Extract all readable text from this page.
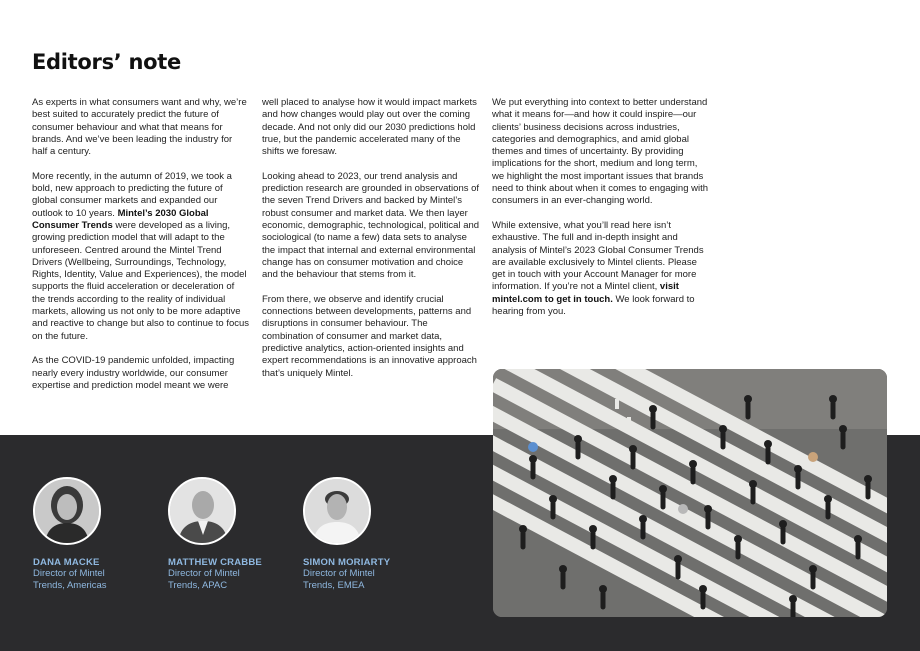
Editors’ note

As experts in what consumers want and why, we’re best suited to accurately predict the future of consumer behaviour and what that means for brands. And we’ve been leading the industry for half a century.

More recently, in the autumn of 2019, we took a bold, new approach to predicting the future of global consumer markets and expanded our outlook to 10 years. Mintel’s 2030 Global Consumer Trends were developed as a living, growing prediction model that will adapt to the unforeseen. Centred around the Mintel Trend Drivers (Wellbeing, Surroundings, Technology, Rights, Identity, Value and Experiences), the model supports the fluid acceleration or deceleration of the trends according to the reality of individual markets, allowing us not only to be more adaptive and reactive to change but also to continue to focus on the future.

As the COVID-19 pandemic unfolded, impacting nearly every industry worldwide, our consumer expertise and prediction model meant we were

well placed to analyse how it would impact markets and how changes would play out over the coming decade. And not only did our 2030 predictions hold true, but the pandemic accelerated many of the shifts we foresaw.

Looking ahead to 2023, our trend analysis and prediction research are grounded in observations of the seven Trend Drivers and backed by Mintel’s robust consumer and market data. We then layer economic, demographic, technological, political and sociological (to name a few) data sets to analyse the impact that internal and external environmental change has on consumer motivation and choice and the behaviour that stems from it.

From there, we observe and identify crucial connections between developments, patterns and disruptions in consumer behaviour. The combination of consumer and market data, predictive analytics, action-oriented insights and expert recommendations is an innovative approach that’s uniquely Mintel.

We put everything into context to better understand what it means for—and how it could inspire—our clients’ business decisions across industries, categories and demographics, and amid global themes and times of uncertainty. By providing implications for the short, medium and long term, we highlight the most important issues that brands need to think about when it comes to engaging with consumers in an ever-changing world.

While extensive, what you’ll read here isn’t exhaustive. The full and in-depth insight and analysis of Mintel’s 2023 Global Consumer Trends are available exclusively to Mintel clients. Please get in touch with your Account Manager for more information. If you’re not a Mintel client, visit mintel.com to get in touch. We look forward to hearing from you.

DANA MACKE
Director of Mintel
Trends, Americas
MATTHEW CRABBE
Director of Mintel
Trends, APAC
SIMON MORIARTY
Director of Mintel
Trends, EMEA
